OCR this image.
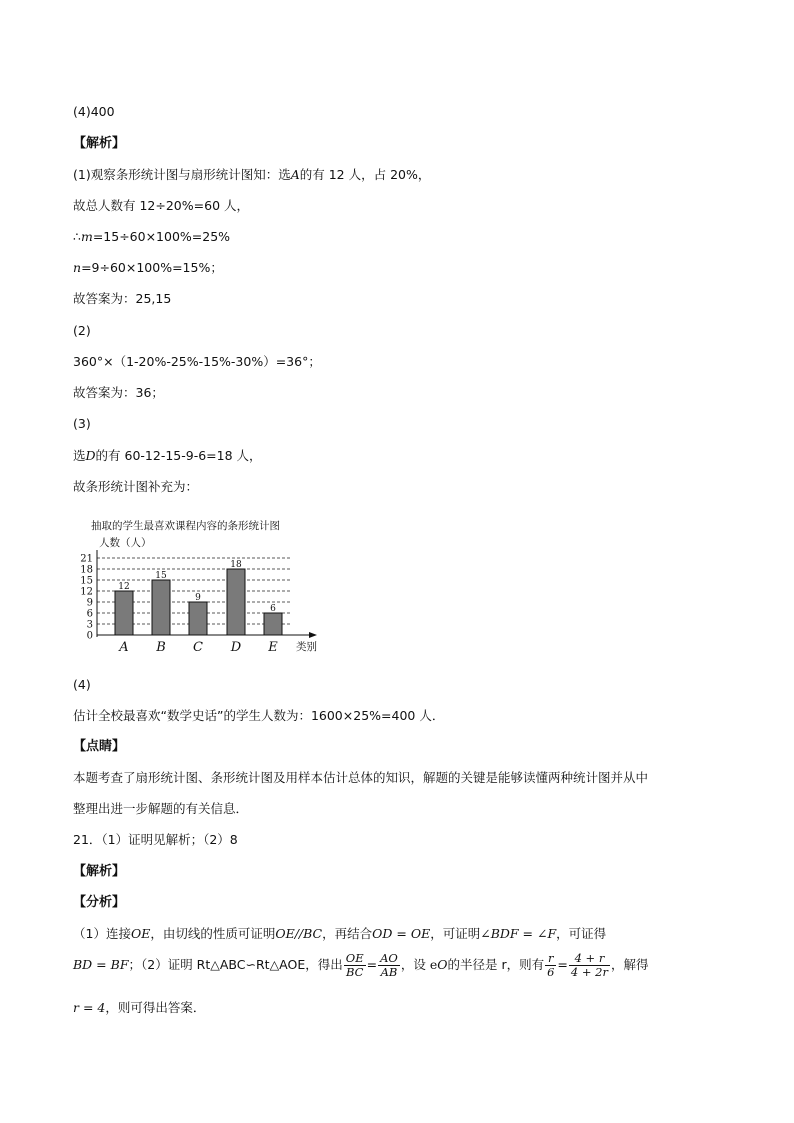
(4)400
【解析】
(1)观察条形统计图与扇形统计图知：选A的有 12 人，占 20%，
故总人数有 12÷20%=60 人，
∴m=15÷60×100%=25%
n=9÷60×100%=15%；
故答案为：25,15
(2)
360°×（1-20%-25%-15%-30%）=36°；
故答案为：36；
(3)
选D的有 60-12-15-9-6=18 人，
故条形统计图补充为：
抽取的学生最喜欢课程内容的条形统计图
人数（人）
0
3
6
9
12
15
18
21
12
A
15
B
9
C
18
D
6
E 类别
(4)
估计全校最喜欢“数学史话”的学生人数为：1600×25%=400 人．
【点睛】
本题考查了扇形统计图、条形统计图及用样本估计总体的知识，解题的关键是能够读懂两种统计图并从中
整理出进一步解题的有关信息．
21．（1）证明见解析；（2）8
【解析】
【分析】
（1）连接OE，由切线的性质可证明OE//BC，再结合OD = OE，可证明∠BDF = ∠F，可证得
BD = BF；（2）证明 Rt△ABC∽Rt△AOE，得出 $\frac{OE}{BC} = \frac{AO}{AB}$ ，设 eO的半径是 r，则有 $\frac{r}{6} = \frac{4 + r}{4 + 2r}$ ，解得
r = 4，则可得出答案．
